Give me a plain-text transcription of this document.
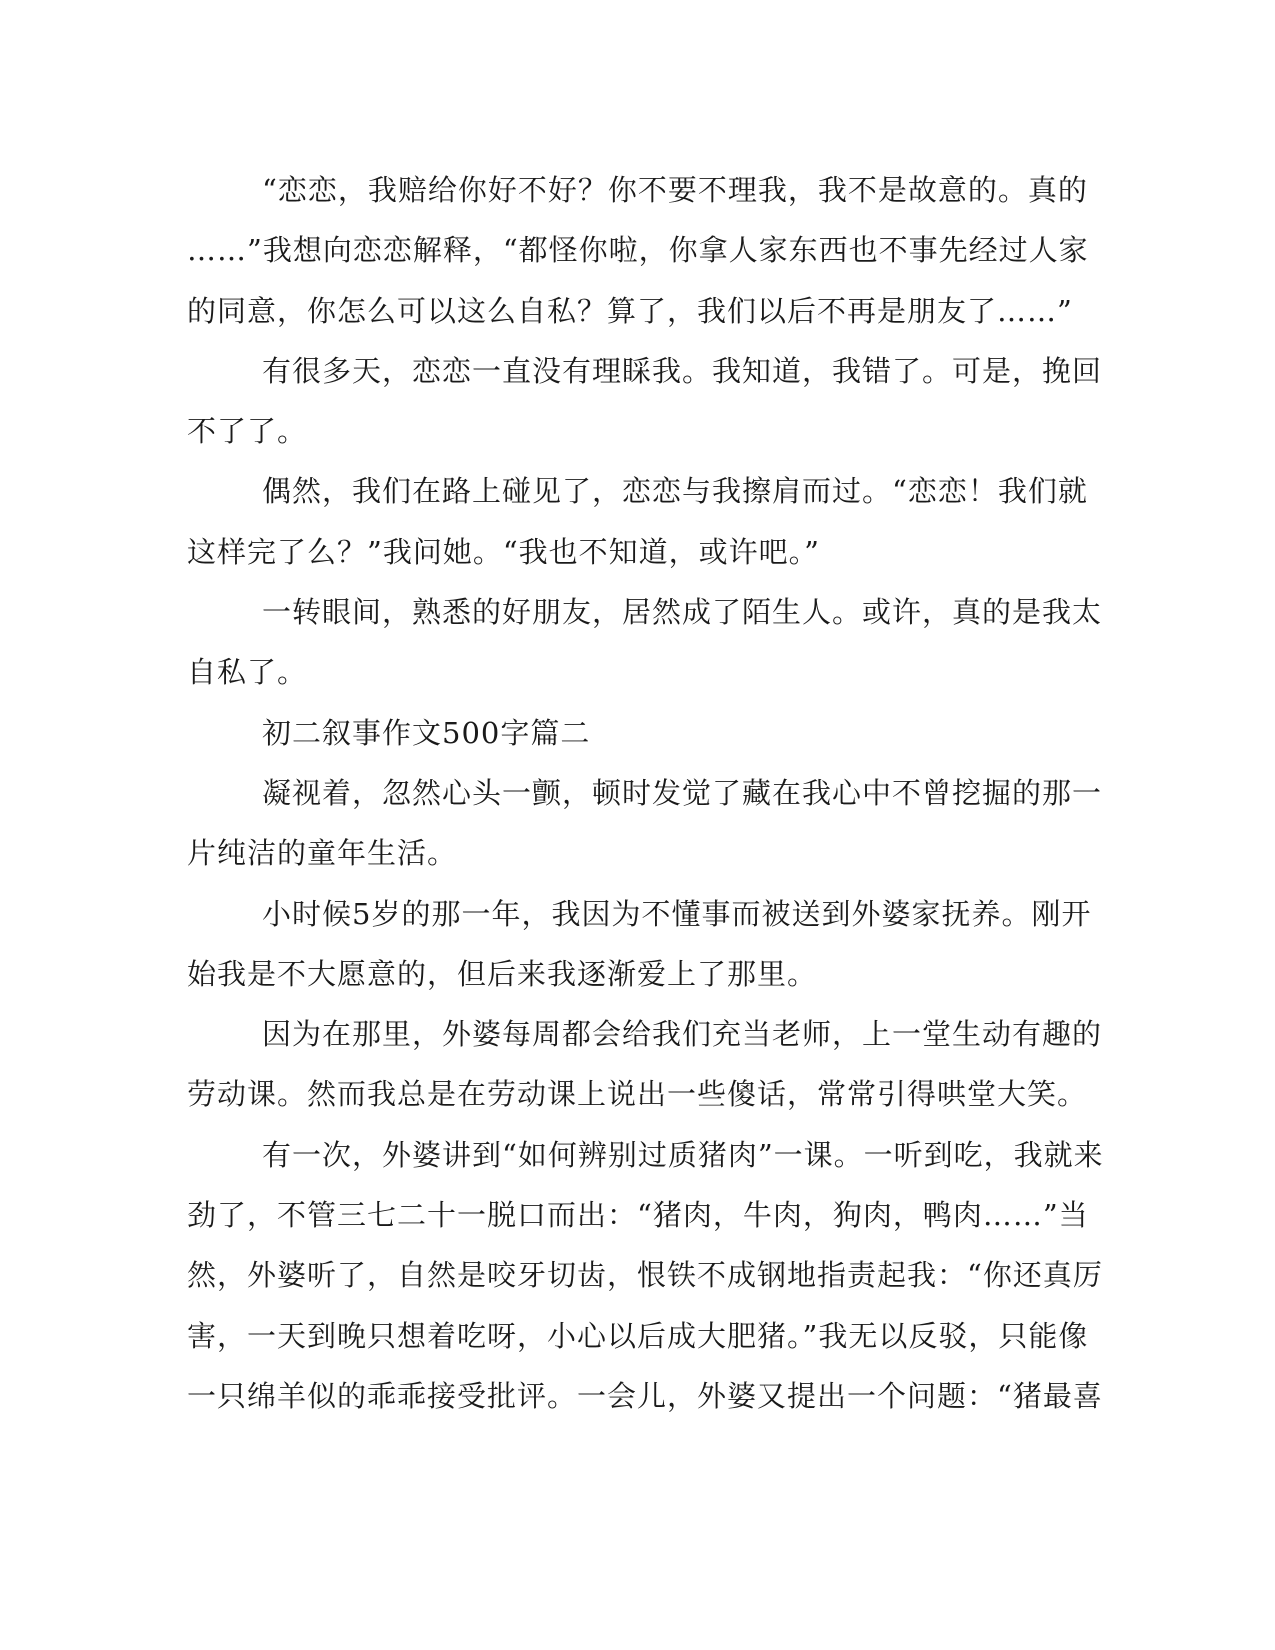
“恋恋，我赔给你好不好？你不要不理我，我不是故意的。真的
……”我想向恋恋解释，“都怪你啦，你拿人家东西也不事先经过人家
的同意，你怎么可以这么自私？算了，我们以后不再是朋友了……”
有很多天，恋恋一直没有理睬我。我知道，我错了。可是，挽回
不了了。
偶然，我们在路上碰见了，恋恋与我擦肩而过。“恋恋！我们就
这样完了么？”我问她。“我也不知道，或许吧。”
一转眼间，熟悉的好朋友，居然成了陌生人。或许，真的是我太
自私了。
初二叙事作文500字篇二
凝视着，忽然心头一颤，顿时发觉了藏在我心中不曾挖掘的那一
片纯洁的童年生活。
小时候5岁的那一年，我因为不懂事而被送到外婆家抚养。刚开
始我是不大愿意的，但后来我逐渐爱上了那里。
因为在那里，外婆每周都会给我们充当老师，上一堂生动有趣的
劳动课。然而我总是在劳动课上说出一些傻话，常常引得哄堂大笑。
有一次，外婆讲到“如何辨别过质猪肉”一课。一听到吃，我就来
劲了，不管三七二十一脱口而出：“猪肉，牛肉，狗肉，鸭肉……”当
然，外婆听了，自然是咬牙切齿，恨铁不成钢地指责起我：“你还真厉
害，一天到晚只想着吃呀，小心以后成大肥猪。”我无以反驳，只能像
一只绵羊似的乖乖接受批评。一会儿，外婆又提出一个问题：“猪最喜
